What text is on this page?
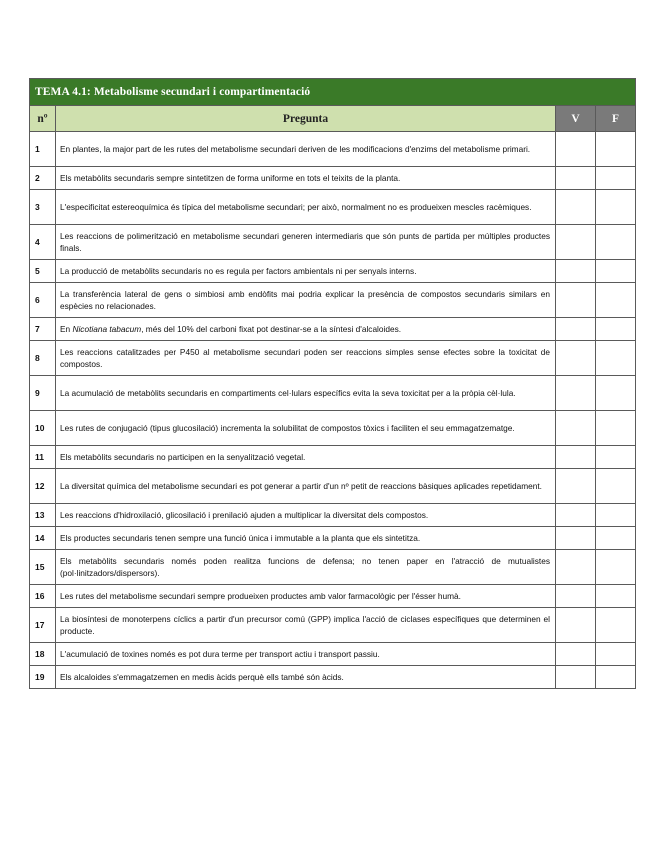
TEMA 4.1: Metabolisme secundari i compartimentació			
nº	Pregunta	V	F
1	En plantes, la major part de les rutes del metabolisme secundari deriven de les modificacions d'enzims del metabolisme primari.		
2	Els metabòlits secundaris sempre sintetitzen de forma uniforme en tots el teixits de la planta.		
3	L'especificitat estereoquímica és típica del metabolisme secundari; per això, normalment no es produeixen mescles racèmiques.		
4	Les reaccions de polimerització en metabolisme secundari generen intermediaris que són punts de partida per múltiples productes finals.		
5	La producció de metabòlits secundaris no es regula per factors ambientals ni per senyals interns.		
6	La transferència lateral de gens o simbiosi amb endòfits mai podria explicar la presència de compostos secundaris similars en espècies no relacionades.		
7	En Nicotiana tabacum, més del 10% del carboni fixat pot destinar-se a la síntesi d'alcaloides.		
8	Les reaccions catalitzades per P450 al metabolisme secundari poden ser reaccions simples sense efectes sobre la toxicitat de compostos.		
9	La acumulació de metabòlits secundaris en compartiments cel·lulars específics evita la seva toxicitat per a la pròpia cèl·lula.		
10	Les rutes de conjugació (tipus glucosilació) incrementa la solubilitat de compostos tòxics i faciliten el seu emmagatzematge.		
11	Els metabòlits secundaris no participen en la senyalització vegetal.		
12	La diversitat química del metabolisme secundari es pot generar a partir d'un nº petit de reaccions bàsiques aplicades repetidament.		
13	Les reaccions d'hidroxilació, glicosilació i prenilació ajuden a multiplicar la diversitat dels compostos.		
14	Els productes secundaris tenen sempre una funció única i immutable a la planta que els sintetitza.		
15	Els metabòlits secundaris només poden realitza funcions de defensa; no tenen paper en l'atracció de mutualistes (pol·linitzadors/dispersors).		
16	Les rutes del metabolisme secundari sempre produeixen productes amb valor farmacològic per l'ésser humà.		
17	La biosíntesi de monoterpens cíclics a partir d'un precursor comú (GPP) implica l'acció de ciclases específiques que determinen el producte.		
18	L'acumulació de toxines només es pot dura terme per transport actiu i transport passiu.		
19	Els alcaloides s'emmagatzemen en medis àcids perquè ells també són àcids.		
